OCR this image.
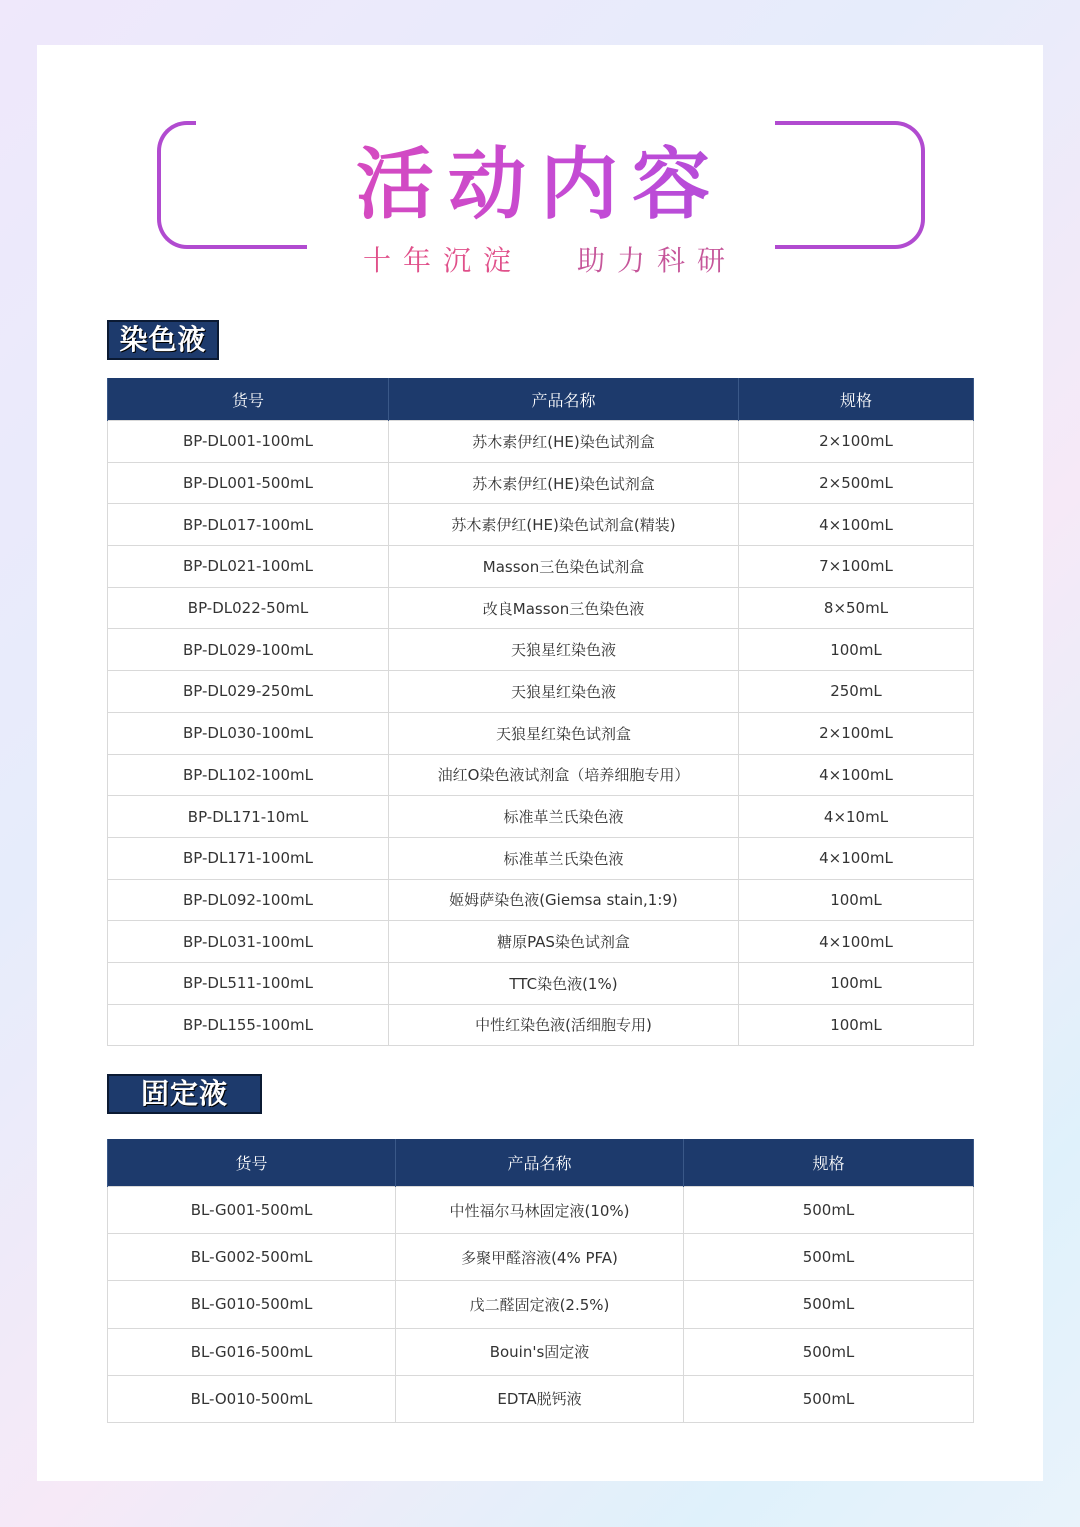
活动内容
十年沉淀 助力科研
染色液
货号	产品名称	规格
BP-DL001-100mL	苏木素伊红(HE)染色试剂盒	2×100mL
BP-DL001-500mL	苏木素伊红(HE)染色试剂盒	2×500mL
BP-DL017-100mL	苏木素伊红(HE)染色试剂盒(精装)	4×100mL
BP-DL021-100mL	Masson三色染色试剂盒	7×100mL
BP-DL022-50mL	改良Masson三色染色液	8×50mL
BP-DL029-100mL	天狼星红染色液	100mL
BP-DL029-250mL	天狼星红染色液	250mL
BP-DL030-100mL	天狼星红染色试剂盒	2×100mL
BP-DL102-100mL	油红O染色液试剂盒（培养细胞专用）	4×100mL
BP-DL171-10mL	标准革兰氏染色液	4×10mL
BP-DL171-100mL	标准革兰氏染色液	4×100mL
BP-DL092-100mL	姬姆萨染色液(Giemsa stain,1:9)	100mL
BP-DL031-100mL	糖原PAS染色试剂盒	4×100mL
BP-DL511-100mL	TTC染色液(1%)	100mL
BP-DL155-100mL	中性红染色液(活细胞专用)	100mL
固定液
货号	产品名称	规格
BL-G001-500mL	中性福尔马林固定液(10%)	500mL
BL-G002-500mL	多聚甲醛溶液(4% PFA)	500mL
BL-G010-500mL	戊二醛固定液(2.5%)	500mL
BL-G016-500mL	Bouin's固定液	500mL
BL-O010-500mL	EDTA脱钙液	500mL
